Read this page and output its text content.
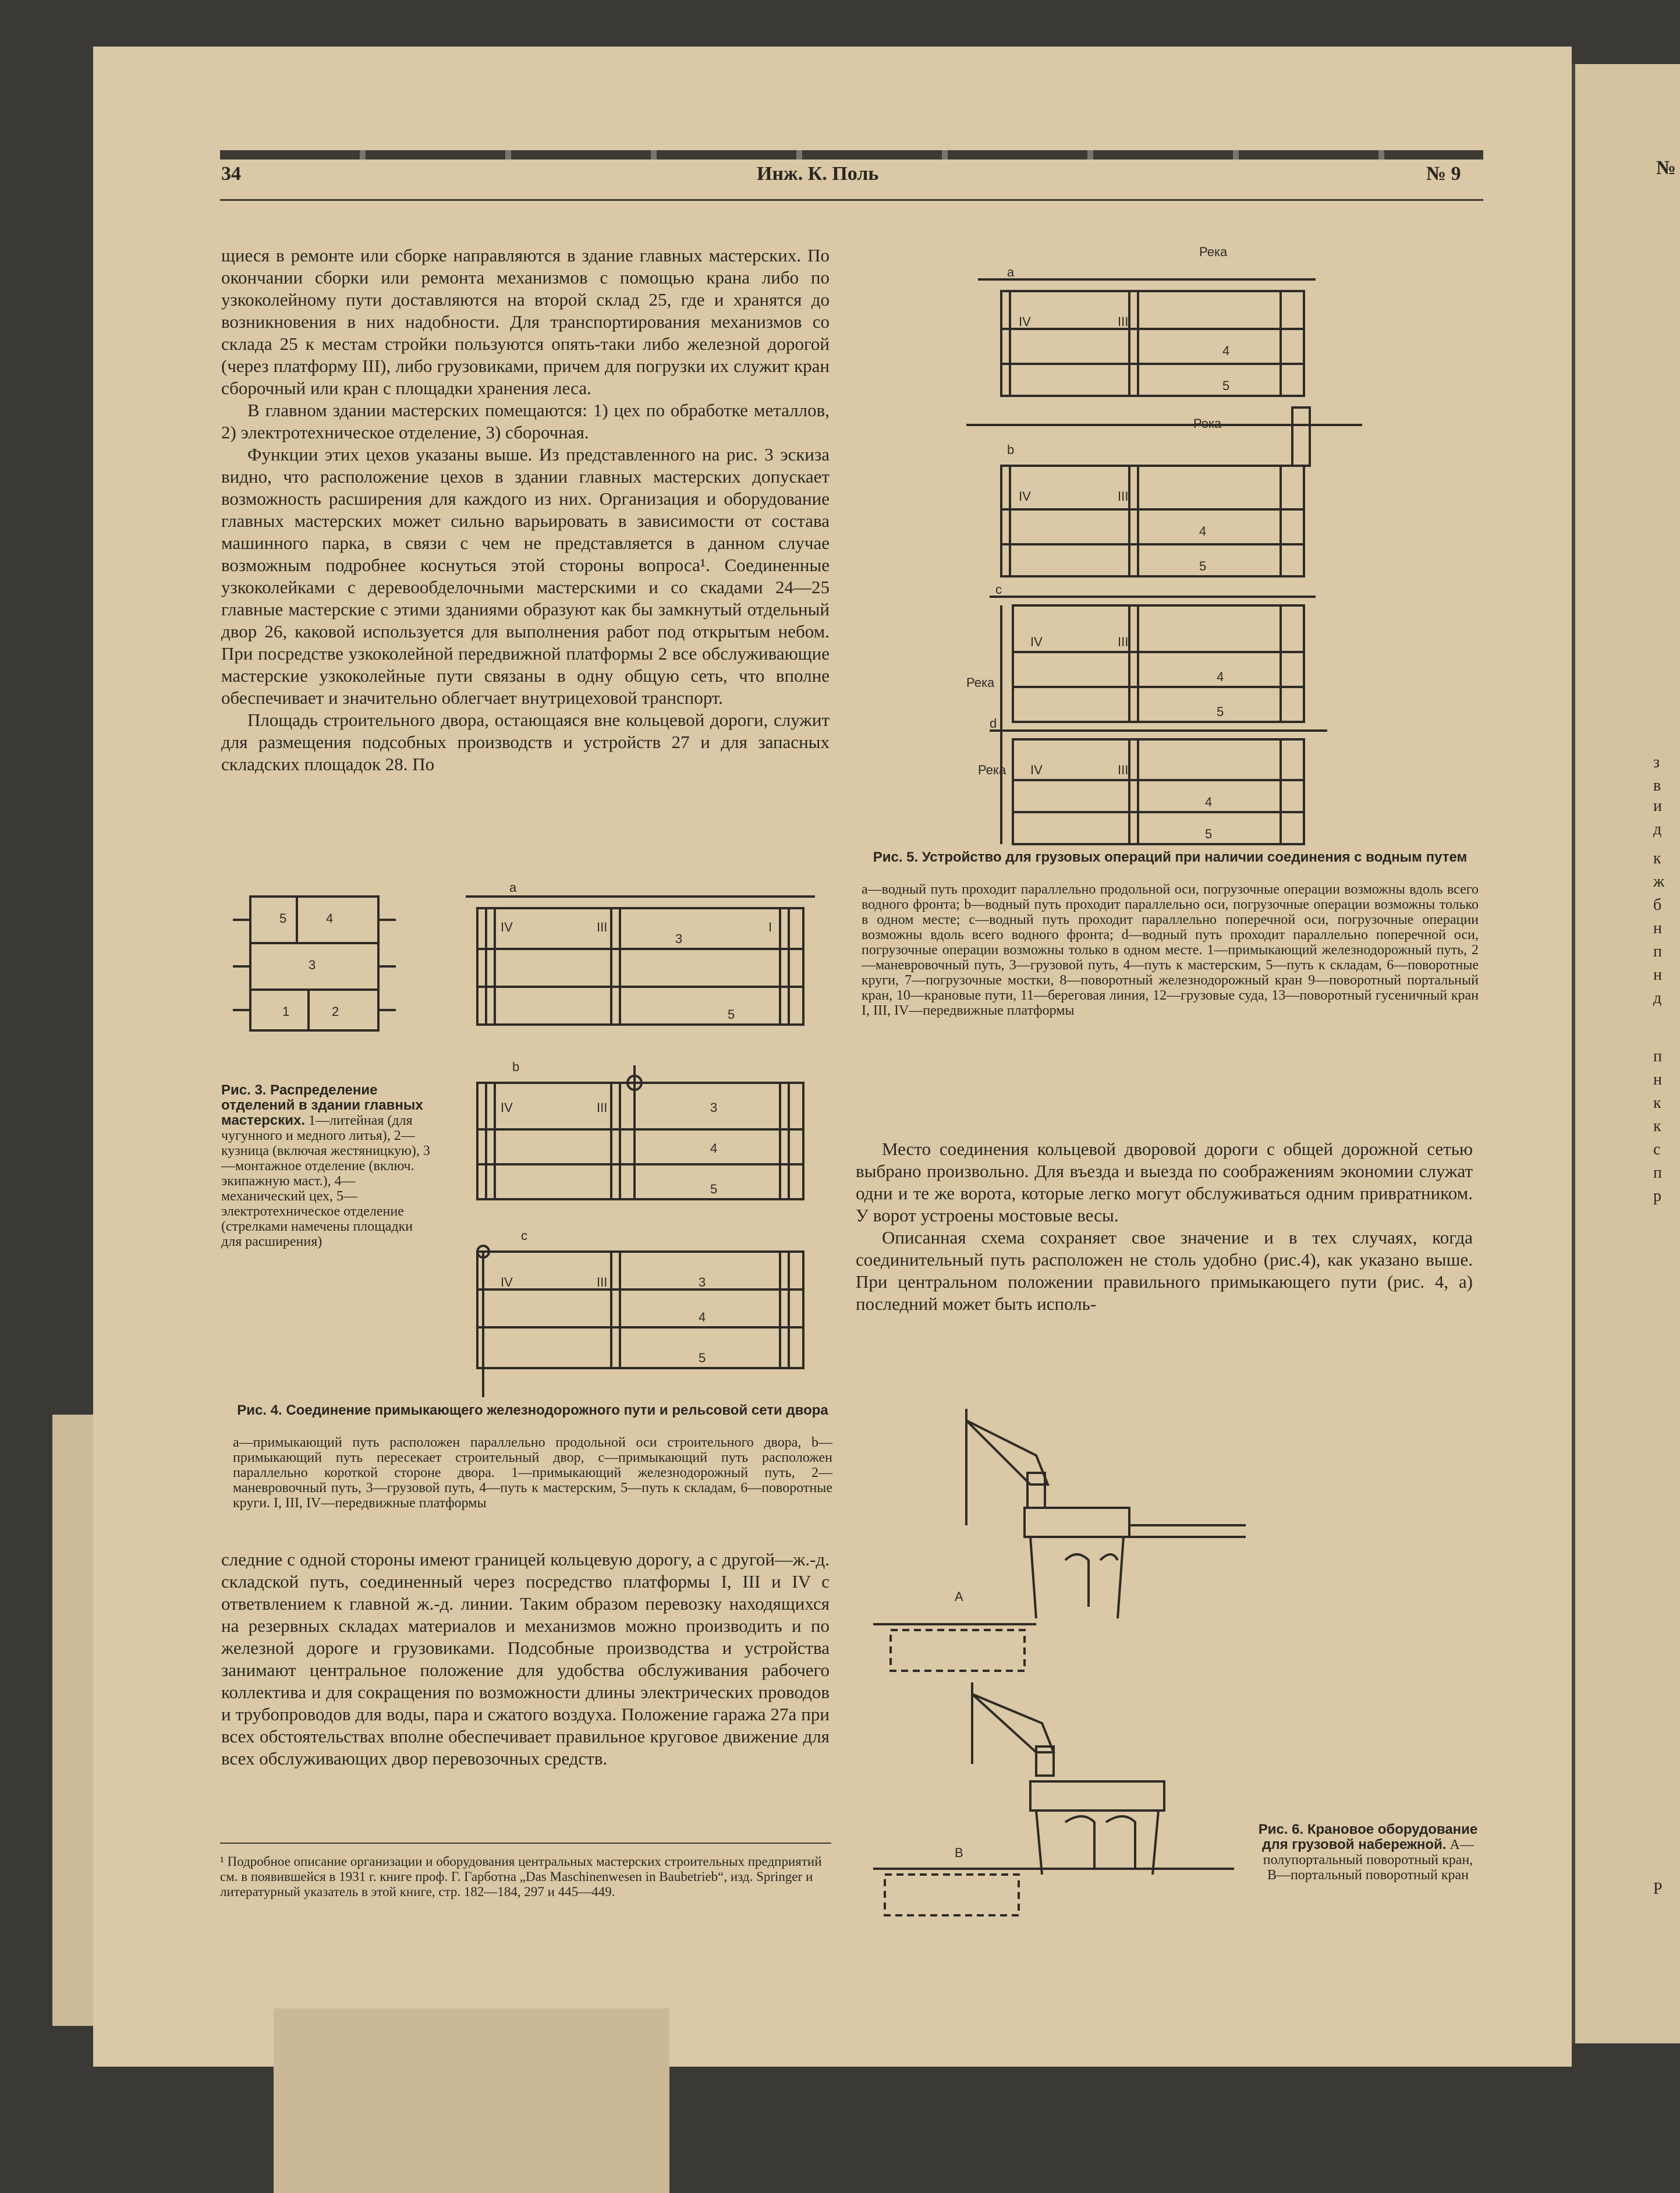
34	Инж. К. Поль	№ 9	№

щиеся в ремонте или сборке направляются в здание главных мастерских. По окончании сборки или ремонта механизмов с помощью крана либо по узкоколейному пути доставляются на второй склад 25, где и хранятся до возникновения в них надобности. Для транспортирования механизмов со склада 25 к местам стройки пользуются опять-таки либо железной дорогой (через платформу III), либо грузовиками, причем для погрузки их служит кран сборочный или кран с площадки хранения леса.

В главном здании мастерских помещаются: 1) цех по обработке металлов, 2) электротехническое отделение, 3) сборочная.

Функции этих цехов указаны выше. Из представленного на рис. 3 эскиза видно, что расположение цехов в здании главных мастерских допускает возможность расширения для каждого из них. Организация и оборудование главных мастерских может сильно варьировать в зависимости от состава машинного парка, в связи с чем не представляется в данном случае возможным подробнее коснуться этой стороны вопроса¹. Соединенные узкоколейками с деревообделочными мастерскими и со скадами 24—25 главные мастерские с этими зданиями образуют как бы замкнутый отдельный двор 26, каковой используется для выполнения работ под открытым небом. При посредстве узкоколейной передвижной платформы 2 все обслуживающие мастерские узкоколейные пути связаны в одну общую сеть, что вполне обеспечивает и значительно облегчает внутрицеховой транспорт.

Площадь строительного двора, остающаяся вне кольцевой дороги, служит для размещения подсобных производств и устройств 27 и для запасных складских площадок 28. По

5	4
3
1	2
Рис. 3. Распределение отделений в здании главных мастерских. 1—литейная (для чугунного и медного литья), 2—кузница (включая жестяницкую), 3—монтажное отделение (включ. экипажную маст.), 4—механический цех, 5—электротехническое отделение (стрелками намечены площадки для расширения)
a
IV	III	I
3
5
b
IV	III	3
4
5
c
IV	III	3
4
5
Рис. 4. Соединение примыкающего железнодорожного пути и рельсовой сети двора
a—примыкающий путь расположен параллельно продольной оси строительного двора, b—примыкающий путь пересекает строительный двор, c—примыкающий путь расположен параллельно короткой стороне двора. 1—примыкающий железнодорожный путь, 2—маневровочный путь, 3—грузовой путь, 4—путь к мастерским, 5—путь к складам, 6—поворотные круги. I, III, IV—передвижные платформы

следние с одной стороны имеют границей кольцевую дорогу, а с другой—ж.-д. складской путь, соединенный через посредство платформы I, III и IV с ответвлением к главной ж.-д. линии. Таким образом перевозку находящихся на резервных складах материалов и механизмов можно производить и по железной дороге и грузовиками. Подсобные производства и устройства занимают центральное положение для удобства обслуживания рабочего коллектива и для сокращения по возможности длины электрических проводов и трубопроводов для воды, пара и сжатого воздуха. Положение гаража 27а при всех обстоятельствах вполне обеспечивает правильное круговое движение для всех обслуживающих двор перевозочных средств.

¹ Подробное описание организации и оборудования центральных мастерских строительных предприятий см. в появившейся в 1931 г. книге проф. Г. Гарботна „Das Maschinenwesen in Baubetrieb“, изд. Springer и литературный указатель в этой книге, стр. 182—184, 297 и 445—449.
a
Река
IV	III
4
5
b
Река
IV	III
4
5
c
Река
IV	III
4
5
d
Река IV	III
4
5
Рис. 5. Устройство для грузовых операций при наличии соединения с водным путем
a—водный путь проходит параллельно продольной оси, погрузочные операции возможны вдоль всего водного фронта; b—водный путь проходит параллельно оси, погрузочные операции возможны только в одном месте; c—водный путь проходит параллельно поперечной оси, погрузочные операции возможны вдоль всего водного фронта; d—водный путь проходит параллельно поперечной оси, погрузочные операции возможны только в одном месте. 1—примыкающий железнодорожный путь, 2—маневровочный путь, 3—грузовой путь, 4—путь к мастерским, 5—путь к складам, 6—поворотные круги, 7—погрузочные мостки, 8—поворотный железнодорожный кран 9—поворотный портальный кран, 10—крановые пути, 11—береговая линия, 12—грузовые суда, 13—поворотный гусеничный кран I, III, IV—передвижные платформы

Место соединения кольцевой дворовой дороги с общей дорожной сетью выбрано произвольно. Для въезда и выезда по соображениям экономии служат одни и те же ворота, которые легко могут обслуживаться одним привратником. У ворот устроены мостовые весы.

Описанная схема сохраняет свое значение и в тех случаях, когда соединительный путь расположен не столь удобно (рис.4), как указано выше. При центральном положении правильного примыкающего пути (рис. 4, а) последний может быть исполь-

A
B
Рис. 6. Крановое оборудование для грузовой набережной. A—полупортальный поворотный кран, B—портальный поворотный кран
з
в
и
д
к
ж
б
н
п
н
д
п
н
к
к
с
п
р
Р
